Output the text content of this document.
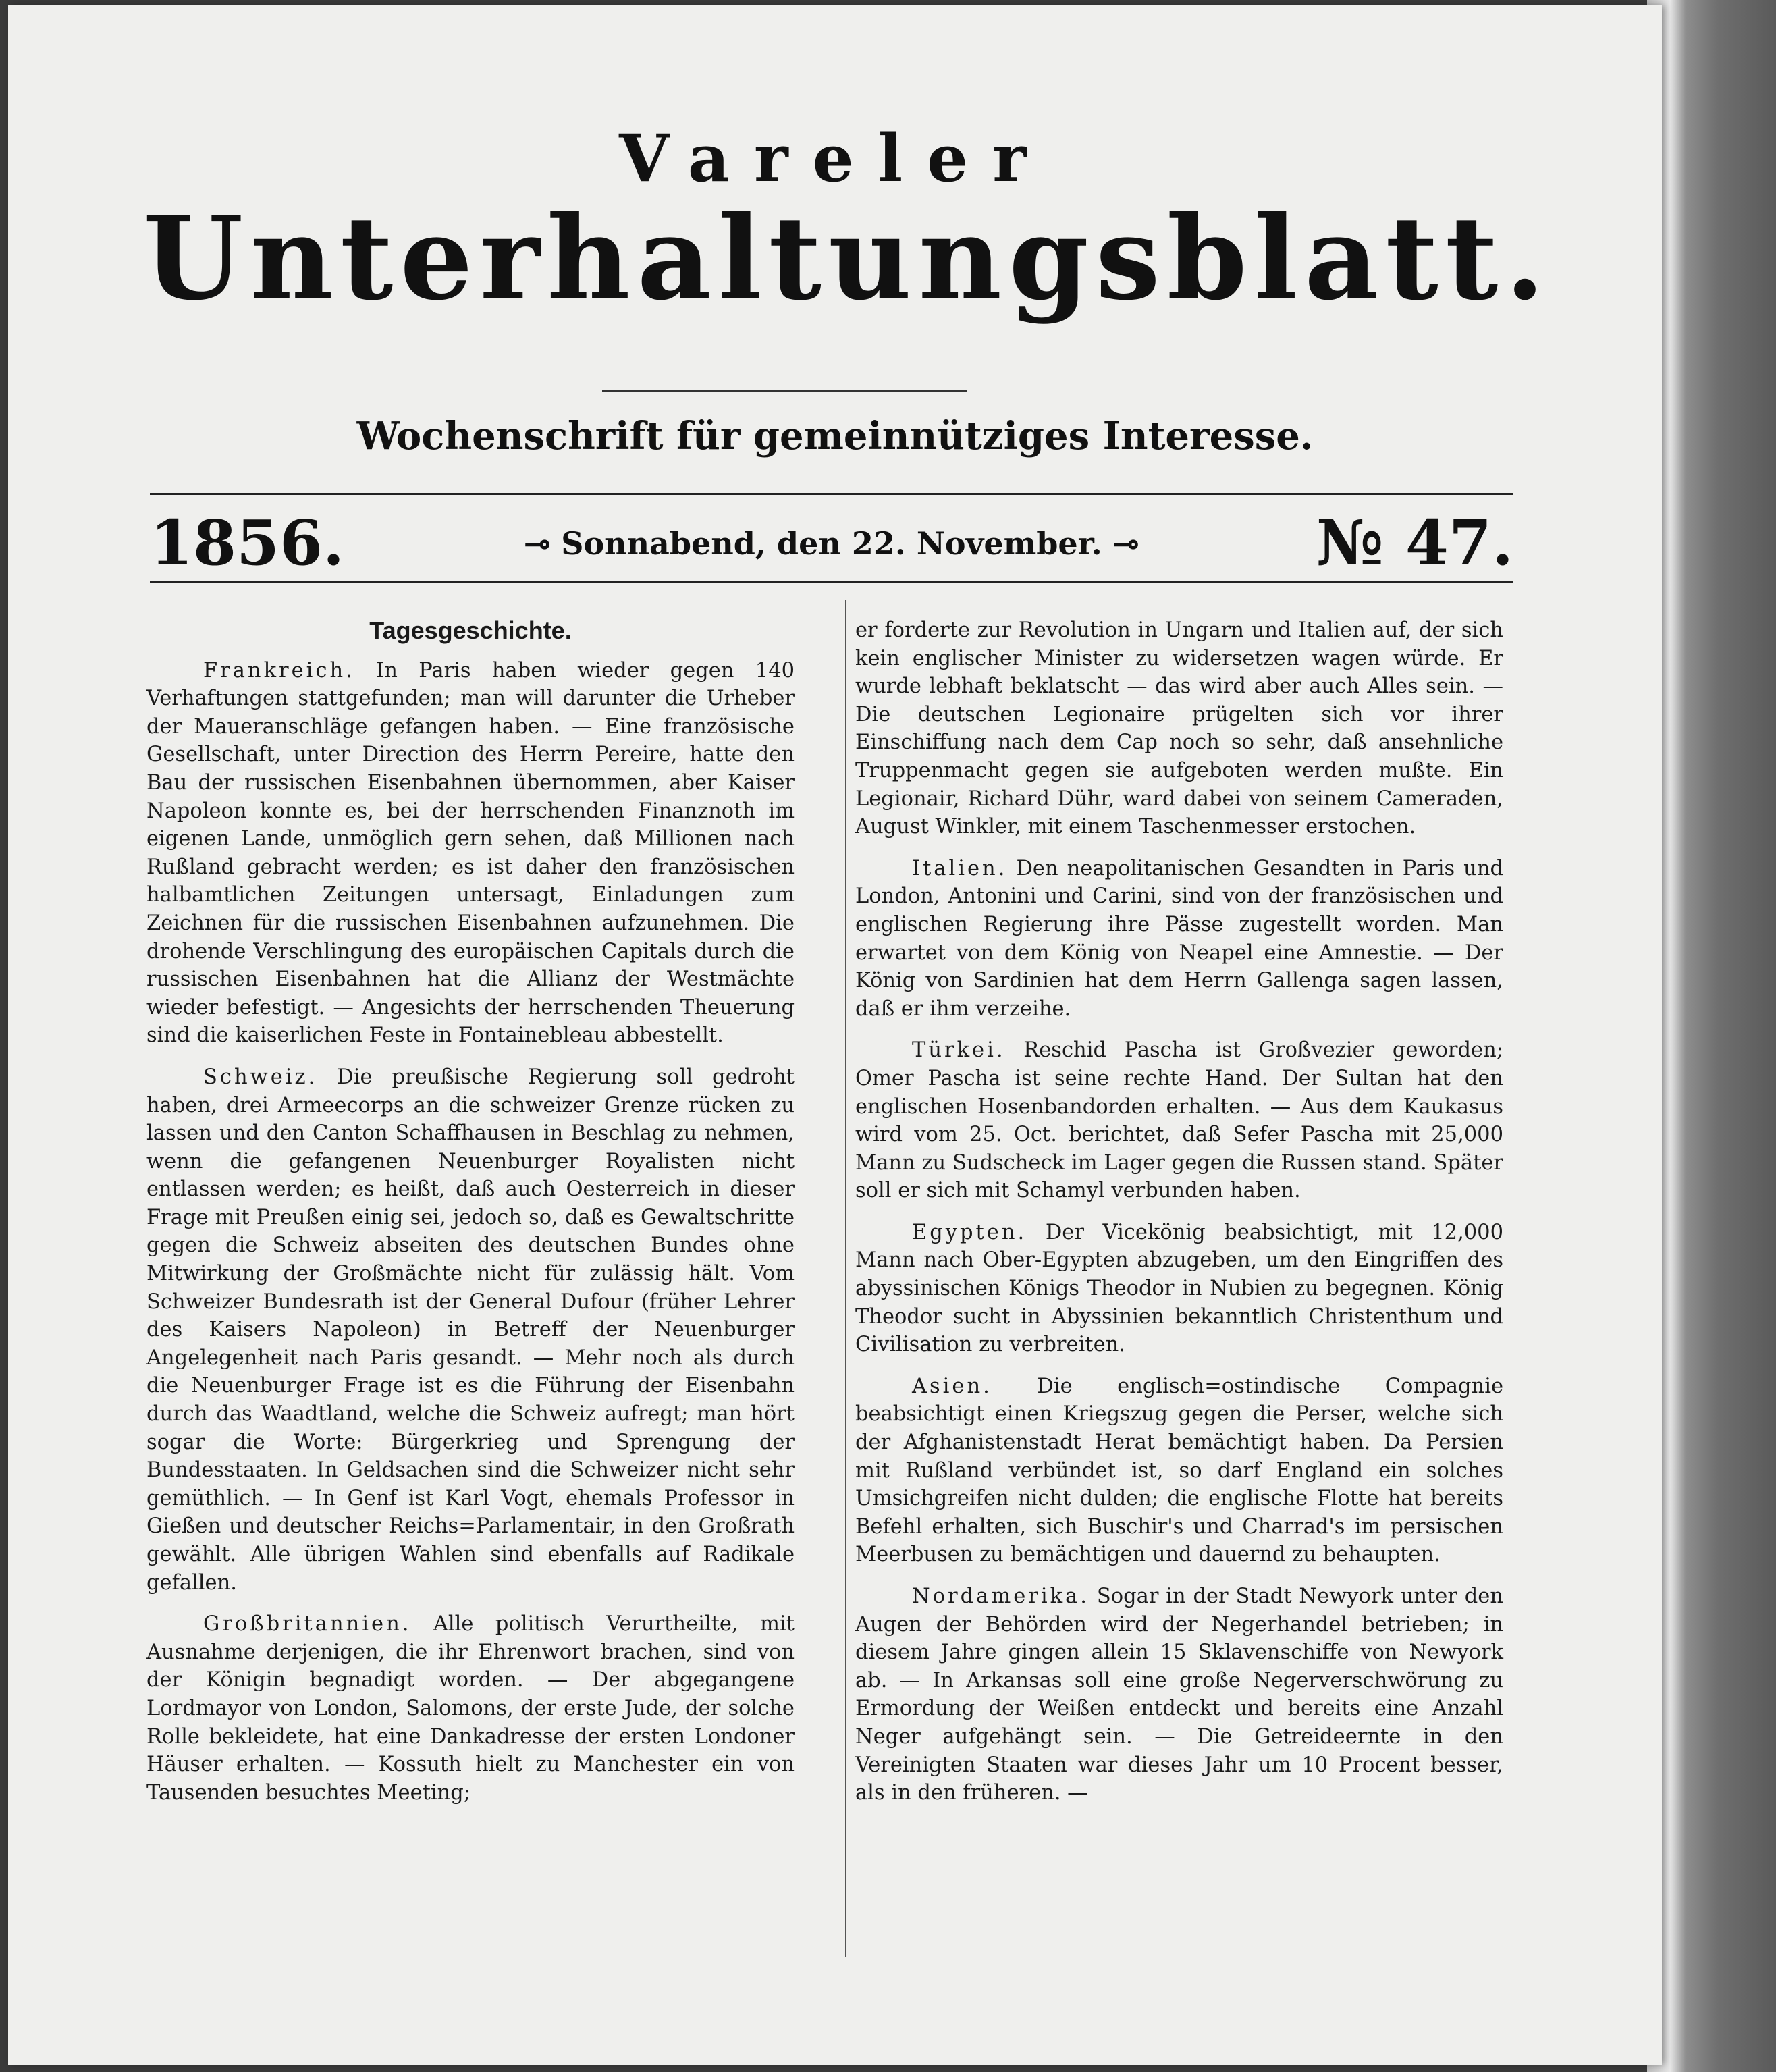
Vareler
Unterhaltungsblatt.
Wochenschrift für gemeinnütziges Interesse.
1856.	⊸ Sonnabend, den 22. November. ⊸	№ 47.
Tagesgeschichte.

Frankreich. In Paris haben wieder gegen 140 Verhaftungen stattgefunden; man will darunter die Urheber der Maueranschläge gefangen haben. — Eine französische Gesellschaft, unter Direction des Herrn Pereire, hatte den Bau der russischen Eisenbahnen übernommen, aber Kaiser Napoleon konnte es, bei der herrschenden Finanznoth im eigenen Lande, unmöglich gern sehen, daß Millionen nach Rußland gebracht werden; es ist daher den französischen halbamtlichen Zeitungen untersagt, Einladungen zum Zeichnen für die russischen Eisenbahnen aufzunehmen. Die drohende Verschlingung des europäischen Capitals durch die russischen Eisenbahnen hat die Allianz der Westmächte wieder befestigt. — Angesichts der herrschenden Theuerung sind die kaiserlichen Feste in Fontainebleau abbestellt.

Schweiz. Die preußische Regierung soll gedroht haben, drei Armeecorps an die schweizer Grenze rücken zu lassen und den Canton Schaffhausen in Beschlag zu nehmen, wenn die gefangenen Neuenburger Royalisten nicht entlassen werden; es heißt, daß auch Oesterreich in dieser Frage mit Preußen einig sei, jedoch so, daß es Gewaltschritte gegen die Schweiz abseiten des deutschen Bundes ohne Mitwirkung der Großmächte nicht für zulässig hält. Vom Schweizer Bundesrath ist der General Dufour (früher Lehrer des Kaisers Napoleon) in Betreff der Neuenburger Angelegenheit nach Paris gesandt. — Mehr noch als durch die Neuenburger Frage ist es die Führung der Eisenbahn durch das Waadtland, welche die Schweiz aufregt; man hört sogar die Worte: Bürgerkrieg und Sprengung der Bundesstaaten. In Geldsachen sind die Schweizer nicht sehr gemüthlich. — In Genf ist Karl Vogt, ehemals Professor in Gießen und deutscher Reichs=Parlamentair, in den Großrath gewählt. Alle übrigen Wahlen sind ebenfalls auf Radikale gefallen.

Großbritannien. Alle politisch Verurtheilte, mit Ausnahme derjenigen, die ihr Ehrenwort brachen, sind von der Königin begnadigt worden. — Der abgegangene Lordmayor von London, Salomons, der erste Jude, der solche Rolle bekleidete, hat eine Dankadresse der ersten Londoner Häuser erhalten. — Kossuth hielt zu Manchester ein von Tausenden besuchtes Meeting;

er forderte zur Revolution in Ungarn und Italien auf, der sich kein englischer Minister zu widersetzen wagen würde. Er wurde lebhaft beklatscht — das wird aber auch Alles sein. — Die deutschen Legionaire prügelten sich vor ihrer Einschiffung nach dem Cap noch so sehr, daß ansehnliche Truppenmacht gegen sie aufgeboten werden mußte. Ein Legionair, Richard Dühr, ward dabei von seinem Cameraden, August Winkler, mit einem Taschenmesser erstochen.

Italien. Den neapolitanischen Gesandten in Paris und London, Antonini und Carini, sind von der französischen und englischen Regierung ihre Pässe zugestellt worden. Man erwartet von dem König von Neapel eine Amnestie. — Der König von Sardinien hat dem Herrn Gallenga sagen lassen, daß er ihm verzeihe.

Türkei. Reschid Pascha ist Großvezier geworden; Omer Pascha ist seine rechte Hand. Der Sultan hat den englischen Hosenbandorden erhalten. — Aus dem Kaukasus wird vom 25. Oct. berichtet, daß Sefer Pascha mit 25,000 Mann zu Sudscheck im Lager gegen die Russen stand. Später soll er sich mit Schamyl verbunden haben.

Egypten. Der Vicekönig beabsichtigt, mit 12,000 Mann nach Ober-Egypten abzugeben, um den Eingriffen des abyssinischen Königs Theodor in Nubien zu begegnen. König Theodor sucht in Abyssinien bekanntlich Christenthum und Civilisation zu verbreiten.

Asien. Die englisch=ostindische Compagnie beabsichtigt einen Kriegszug gegen die Perser, welche sich der Afghanistenstadt Herat bemächtigt haben. Da Persien mit Rußland verbündet ist, so darf England ein solches Umsichgreifen nicht dulden; die englische Flotte hat bereits Befehl erhalten, sich Buschir's und Charrad's im persischen Meerbusen zu bemächtigen und dauernd zu behaupten.

Nordamerika. Sogar in der Stadt Newyork unter den Augen der Behörden wird der Negerhandel betrieben; in diesem Jahre gingen allein 15 Sklavenschiffe von Newyork ab. — In Arkansas soll eine große Negerverschwörung zu Ermordung der Weißen entdeckt und bereits eine Anzahl Neger aufgehängt sein. — Die Getreideernte in den Vereinigten Staaten war dieses Jahr um 10 Procent besser, als in den früheren. —
